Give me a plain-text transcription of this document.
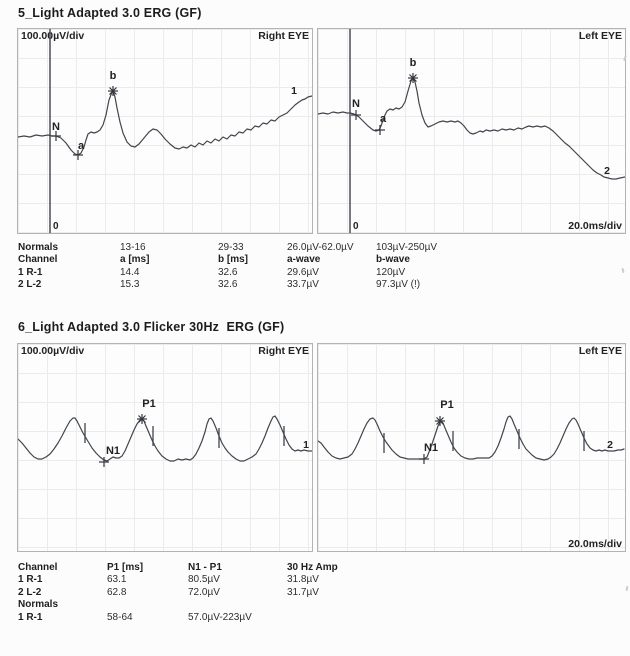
5_Light Adapted 3.0 ERG (GF)
100.00µV/div	Right EYE
N
a
b
1
0
Left EYE
N
a
b
2
0	20.0ms/div
Normals	13-16	29-33	26.0µV-62.0µV 103µV-250µV
Channel	a [ms]	b [ms]	a-wave	b-wave
1 R-1	14.4	32.6	29.6µV	120µV
2 L-2	15.3	32.6	33.7µV	97.3µV (!)
6_Light Adapted 3.0 Flicker 30Hz  ERG (GF)
100.00µV/div	Right EYE
N1
P1
1
Left EYE
N1
P1
2
20.0ms/div
Channel	P1 [ms]	N1 - P1	30 Hz Amp
1 R-1	63.1	80.5µV	31.8µV
2 L-2	62.8	72.0µV	31.7µV
Normals
1 R-1	58-64	57.0µV-223µV
